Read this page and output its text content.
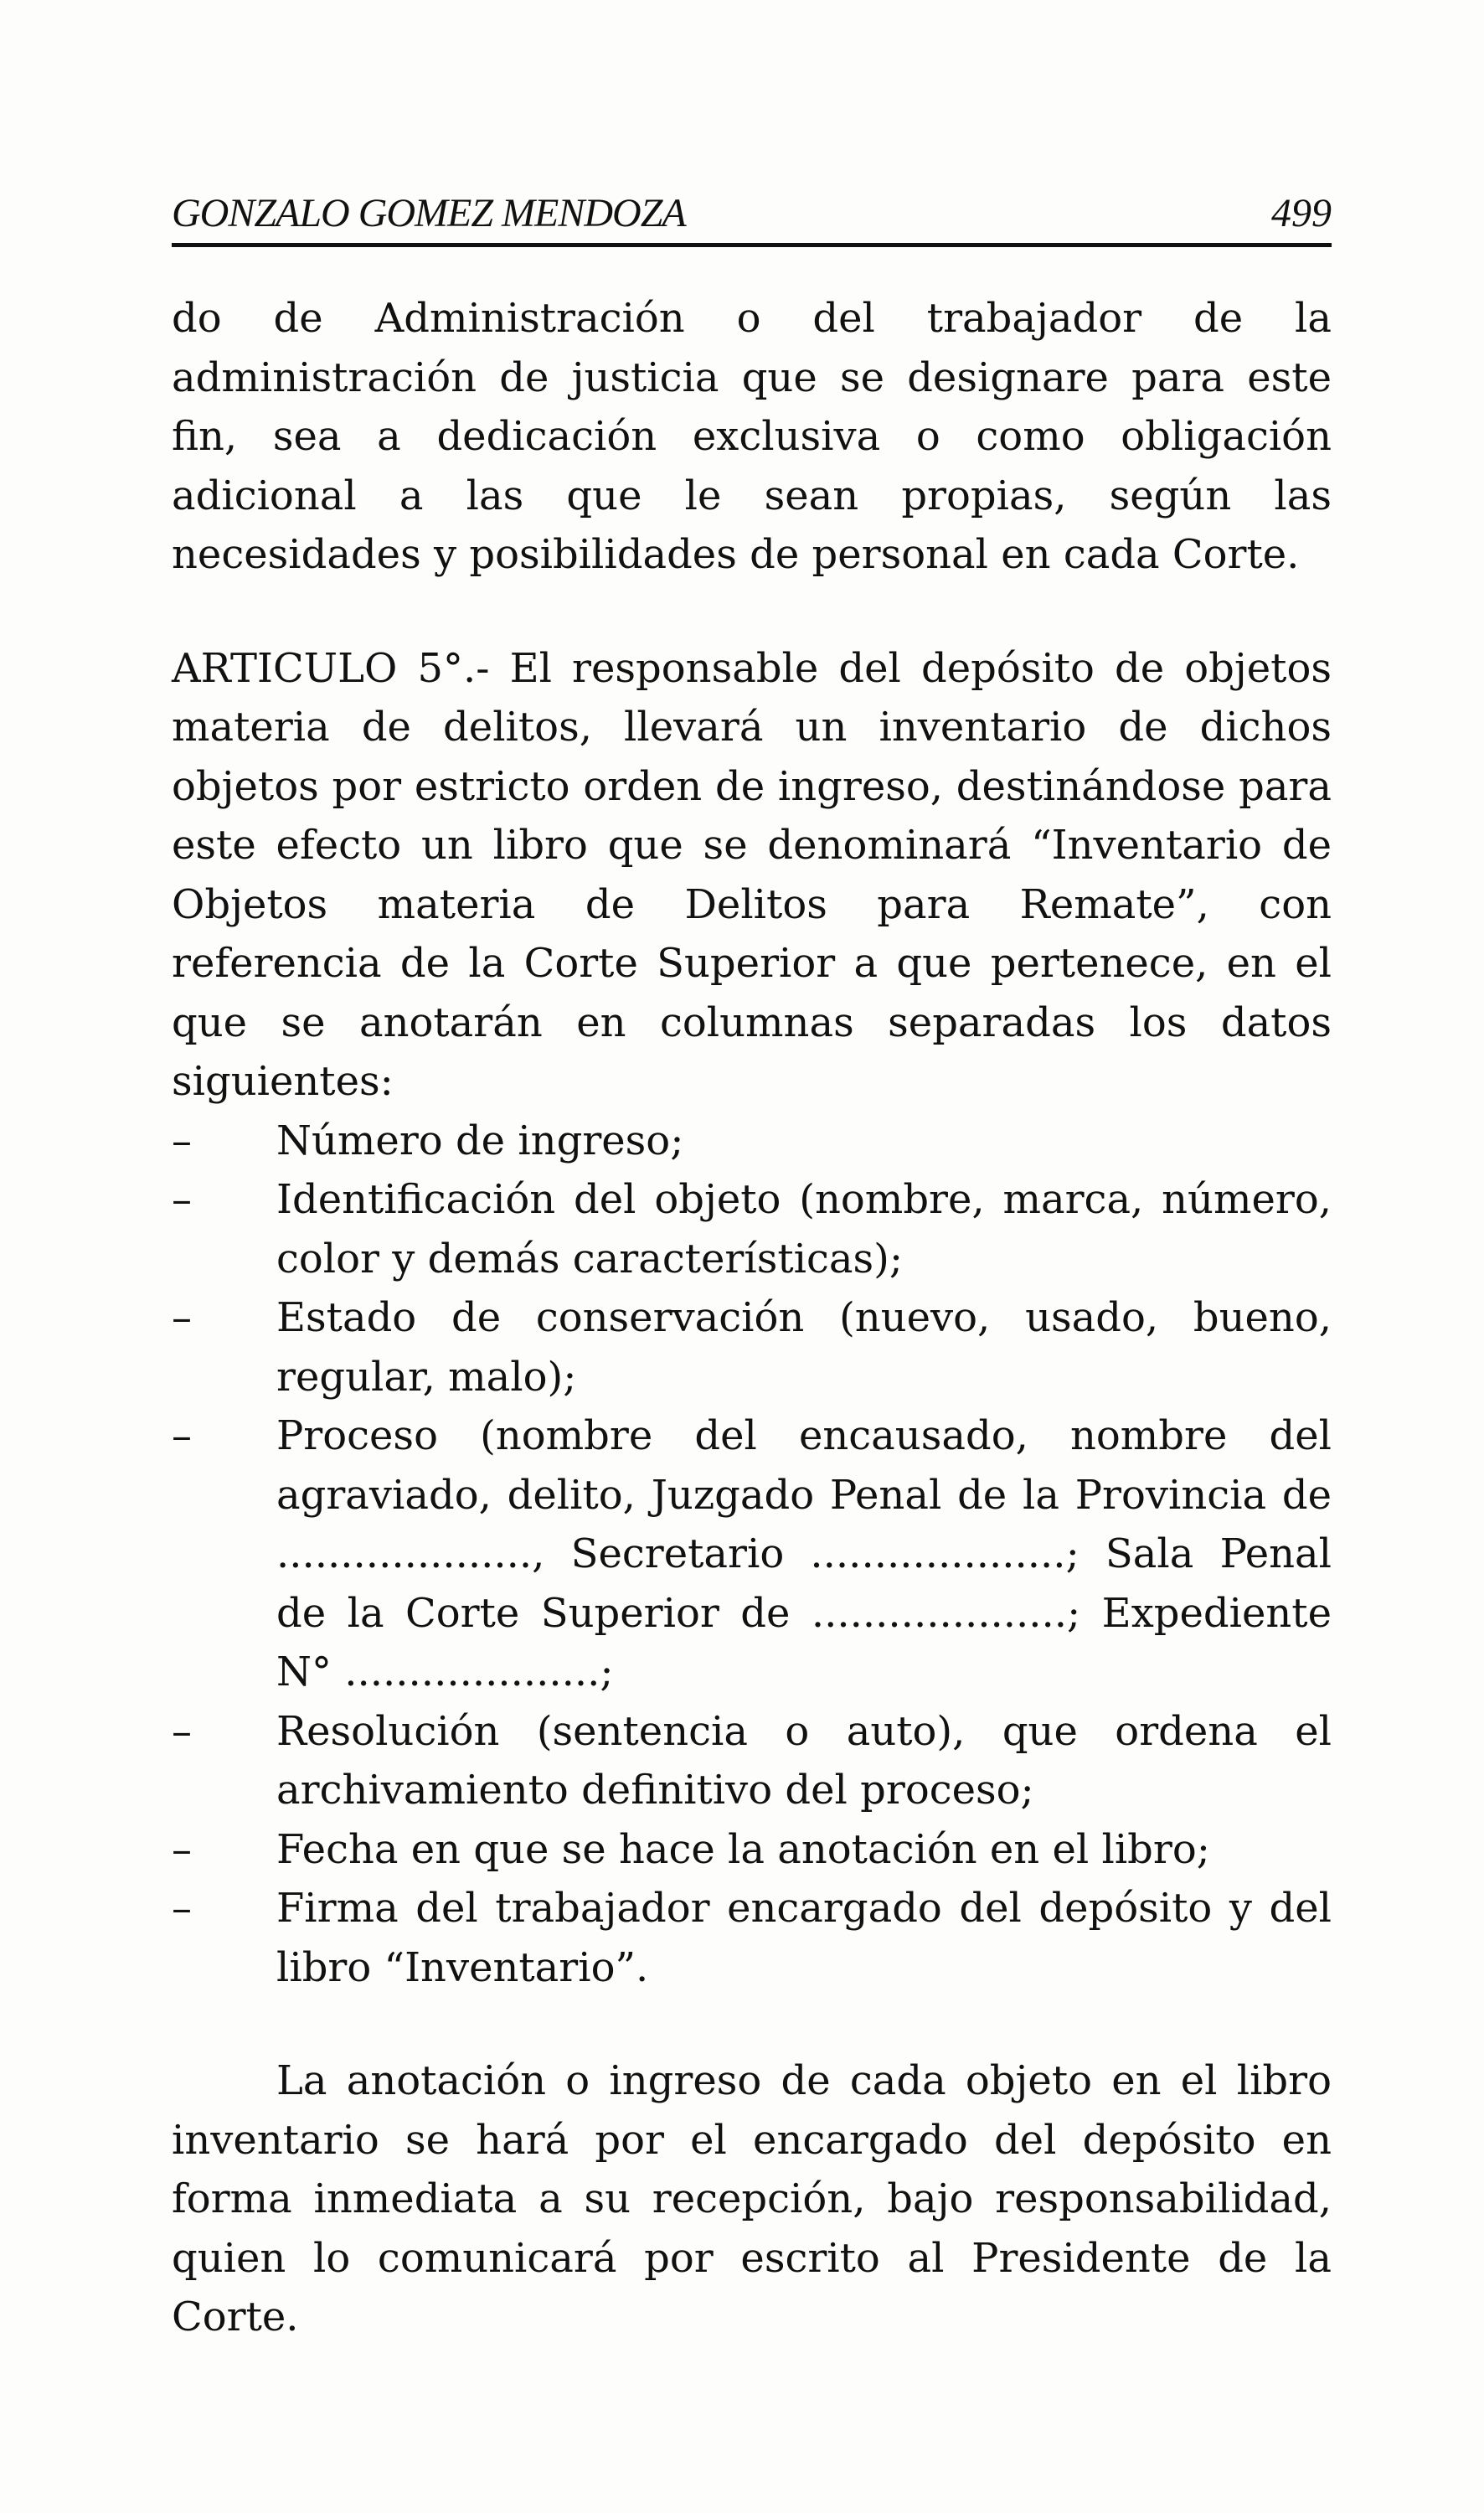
GONZALO GOMEZ MENDOZA	499

do de Administración o del trabajador de la administración de justicia que se designare para este fin, sea a dedicación exclusiva o como obligación adicional a las que le sean propias, según las necesidades y posibilidades de personal en cada Corte.

ARTICULO 5°.- El responsable del depósito de objetos materia de delitos, llevará un inventario de dichos objetos por estricto orden de ingreso, destinándose para este efecto un libro que se denominará “Inventario de Objetos materia de Delitos para Remate”, con referencia de la Corte Superior a que pertenece, en el que se anotarán en columnas separadas los datos siguientes:

–	Número de ingreso;
–	Identificación del objeto (nombre, marca, número, color y demás características);
–	Estado de conservación (nuevo, usado, bueno, regular, malo);
–	Proceso (nombre del encausado, nombre del agraviado, delito, Juzgado Penal de la Provincia de ...................., Secretario ....................; Sala Penal de la Corte Superior de ....................; Expediente N° ....................;
–	Resolución (sentencia o auto), que ordena el archivamiento definitivo del proceso;
–	Fecha en que se hace la anotación en el libro;
–	Firma del trabajador encargado del depósito y del libro “Inventario”.

La anotación o ingreso de cada objeto en el libro inventario se hará por el encargado del depósito en forma inmediata a su recepción, bajo responsabilidad, quien lo comunicará por escrito al Presidente de la Corte.
